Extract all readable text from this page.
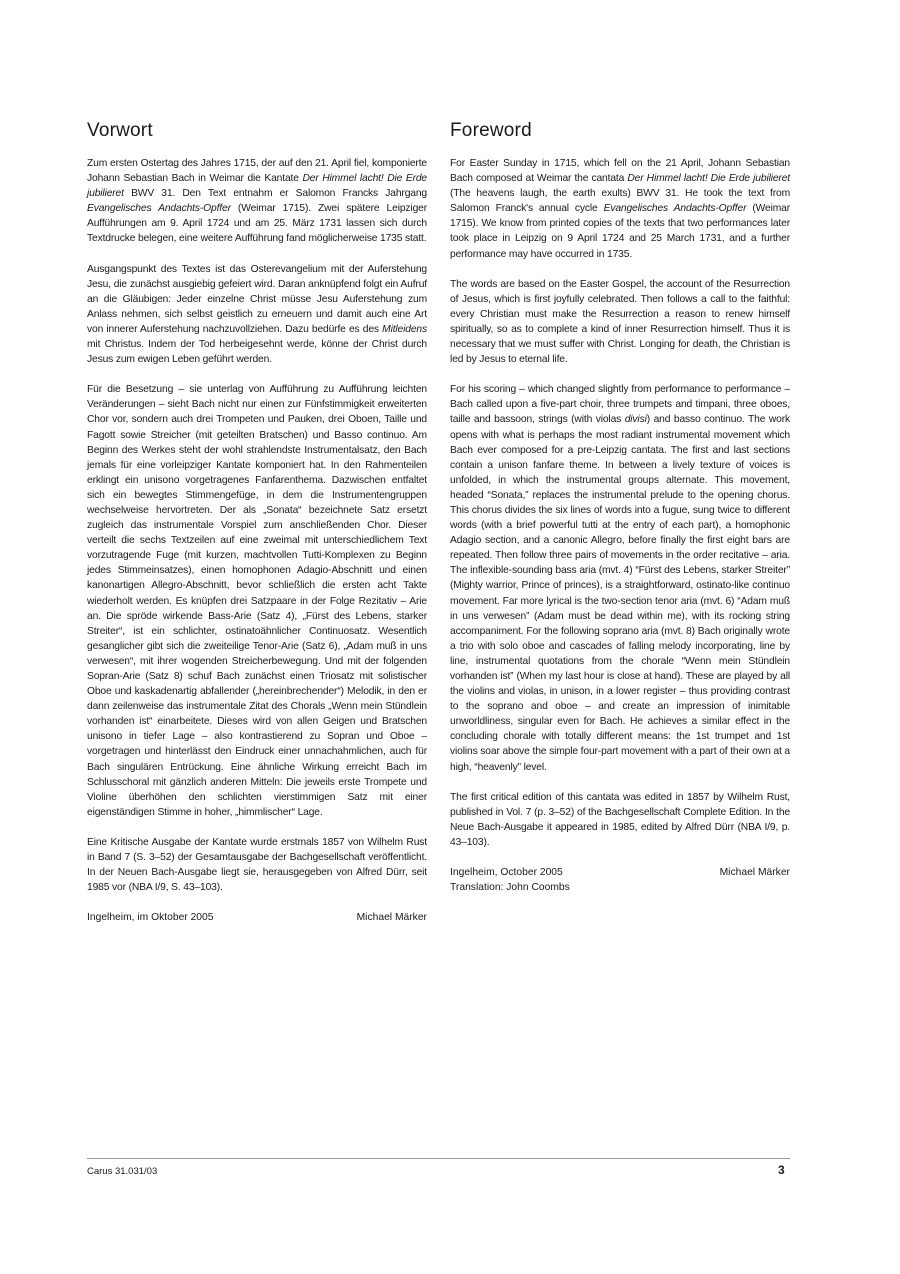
Vorwort

Zum ersten Ostertag des Jahres 1715, der auf den 21. April fiel, komponierte Johann Sebastian Bach in Weimar die Kantate Der Himmel lacht! Die Erde jubilieret BWV 31. Den Text entnahm er Salomon Francks Jahrgang Evangelisches Andachts-Opffer (Weimar 1715). Zwei spätere Leipziger Aufführungen am 9. April 1724 und am 25. März 1731 lassen sich durch Textdrucke belegen, eine weitere Aufführung fand möglicherweise 1735 statt.

Ausgangspunkt des Textes ist das Osterevangelium mit der Auferstehung Jesu, die zunächst ausgiebig gefeiert wird. Daran anknüpfend folgt ein Aufruf an die Gläubigen: Jeder einzelne Christ müsse Jesu Auferstehung zum Anlass nehmen, sich selbst geistlich zu erneuern und damit auch eine Art von innerer Auferstehung nachzuvollziehen. Dazu bedürfe es des Mitleidens mit Christus. Indem der Tod herbeigesehnt werde, könne der Christ durch Jesus zum ewigen Leben geführt werden.

Für die Besetzung – sie unterlag von Aufführung zu Aufführung leichten Veränderungen – sieht Bach nicht nur einen zur Fünfstimmigkeit erweiterten Chor vor, sondern auch drei Trompeten und Pauken, drei Oboen, Taille und Fagott sowie Streicher (mit geteilten Bratschen) und Basso continuo. Am Beginn des Werkes steht der wohl strahlendste Instrumentalsatz, den Bach jemals für eine vorleipziger Kantate komponiert hat. In den Rahmenteilen erklingt ein unisono vorgetragenes Fanfarenthema. Dazwischen entfaltet sich ein bewegtes Stimmengefüge, in dem die Instrumentengruppen wechselweise hervortreten. Der als „Sonata“ bezeichnete Satz ersetzt zugleich das instrumentale Vorspiel zum anschließenden Chor. Dieser verteilt die sechs Textzeilen auf eine zweimal mit unterschiedlichem Text vorzutragende Fuge (mit kurzen, machtvollen Tutti-Komplexen zu Beginn jedes Stimmeinsatzes), einen homophonen Adagio-Abschnitt und einen kanonartigen Allegro-Abschnitt, bevor schließlich die ersten acht Takte wiederholt werden. Es knüpfen drei Satzpaare in der Folge Rezitativ – Arie an. Die spröde wirkende Bass-Arie (Satz 4), „Fürst des Lebens, starker Streiter“, ist ein schlichter, ostinatoähnlicher Continuosatz. Wesentlich gesanglicher gibt sich die zweiteilige Tenor-Arie (Satz 6), „Adam muß in uns verwesen“, mit ihrer wogenden Streicherbewegung. Und mit der folgenden Sopran-Arie (Satz 8) schuf Bach zunächst einen Triosatz mit solistischer Oboe und kaskadenartig abfallender („hereinbrechender“) Melodik, in den er dann zeilenweise das instrumentale Zitat des Chorals „Wenn mein Stündlein vorhanden ist“ einarbeitete. Dieses wird von allen Geigen und Bratschen unisono in tiefer Lage – also kontrastierend zu Sopran und Oboe – vorgetragen und hinterlässt den Eindruck einer unnachahmlichen, auch für Bach singulären Entrückung. Eine ähnliche Wirkung erreicht Bach im Schlusschoral mit gänzlich anderen Mitteln: Die jeweils erste Trompete und Violine überhöhen den schlichten vierstimmigen Satz mit einer eigenständigen Stimme in hoher, „himmlischer“ Lage.

Eine Kritische Ausgabe der Kantate wurde erstmals 1857 von Wilhelm Rust in Band 7 (S. 3–52) der Gesamtausgabe der Bachgesellschaft veröffentlicht. In der Neuen Bach-Ausgabe liegt sie, herausgegeben von Alfred Dürr, seit 1985 vor (NBA I/9, S. 43–103).

Ingelheim, im Oktober 2005	Michael Märker
Foreword

For Easter Sunday in 1715, which fell on the 21 April, Johann Sebastian Bach composed at Weimar the cantata Der Himmel lacht! Die Erde jubilieret (The heavens laugh, the earth exults) BWV 31. He took the text from Salomon Franck's annual cycle Evangelisches Andachts-Opffer (Weimar 1715). We know from printed copies of the texts that two performances later took place in Leipzig on 9 April 1724 and 25 March 1731, and a further performance may have occurred in 1735.

The words are based on the Easter Gospel, the account of the Resurrection of Jesus, which is first joyfully celebrated. Then follows a call to the faithful: every Christian must make the Resurrection a reason to renew himself spiritually, so as to complete a kind of inner Resurrection himself. Thus it is necessary that we must suffer with Christ. Longing for death, the Christian is led by Jesus to eternal life.

For his scoring – which changed slightly from performance to performance – Bach called upon a five-part choir, three trumpets and timpani, three oboes, taille and bassoon, strings (with violas divisi) and basso continuo. The work opens with what is perhaps the most radiant instrumental movement which Bach ever composed for a pre-Leipzig cantata. The first and last sections contain a unison fanfare theme. In between a lively texture of voices is unfolded, in which the instrumental groups alternate. This movement, headed “Sonata,” replaces the instrumental prelude to the opening chorus. This chorus divides the six lines of words into a fugue, sung twice to different words (with a brief powerful tutti at the entry of each part), a homophonic Adagio section, and a canonic Allegro, before finally the first eight bars are repeated. Then follow three pairs of movements in the order recitative – aria. The inflexible-sounding bass aria (mvt. 4) “Fürst des Lebens, starker Streiter” (Mighty warrior, Prince of princes), is a straightforward, ostinato-like continuo movement. Far more lyrical is the two-section tenor aria (mvt. 6) “Adam muß in uns verwesen” (Adam must be dead within me), with its rocking string accompaniment. For the following soprano aria (mvt. 8) Bach originally wrote a trio with solo oboe and cascades of falling melody incorporating, line by line, instrumental quotations from the chorale “Wenn mein Stündlein vorhanden ist” (When my last hour is close at hand). These are played by all the violins and violas, in unison, in a lower register – thus providing contrast to the soprano and oboe – and create an impression of inimitable unworldliness, singular even for Bach. He achieves a similar effect in the concluding chorale with totally different means: the 1st trumpet and 1st violins soar above the simple four-part movement with a part of their own at a high, “heavenly” level.

The first critical edition of this cantata was edited in 1857 by Wilhelm Rust, published in Vol. 7 (p. 3–52) of the Bachgesellschaft Complete Edition. In the Neue Bach-Ausgabe it appeared in 1985, edited by Alfred Dürr (NBA I/9, p. 43–103).

Ingelheim, October 2005	Michael Märker
Translation: John Coombs
Carus 31.031/03	3
